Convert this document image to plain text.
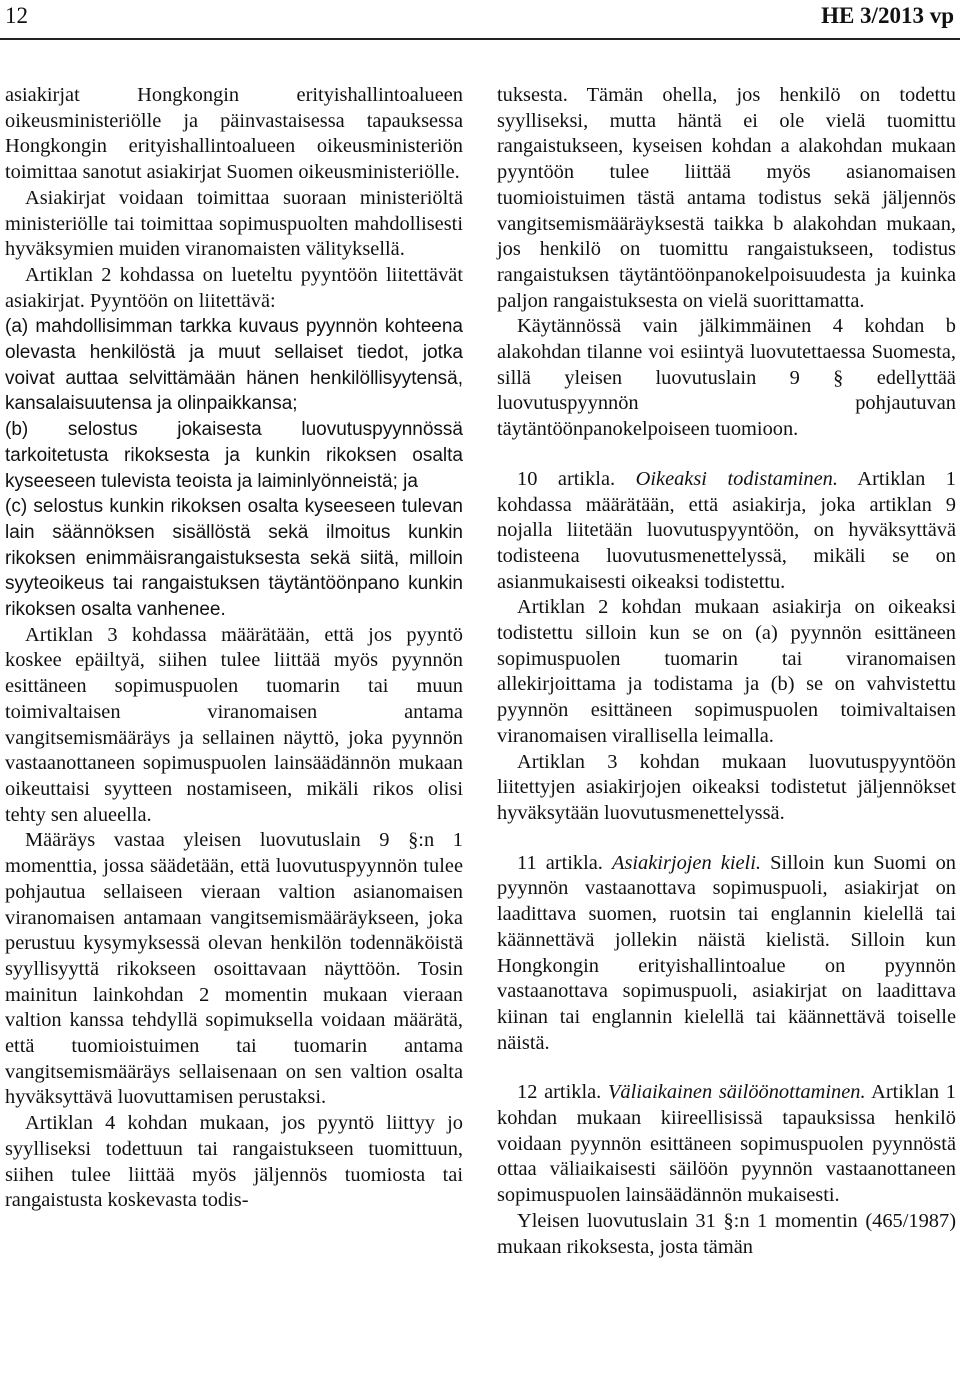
12	HE 3/2013 vp

asiakirjat Hongkongin erityishallintoalueen oikeusministeriölle ja päinvastaisessa tapauksessa Hongkongin erityishallintoalueen oikeusministeriön toimittaa sanotut asiakirjat Suomen oikeusministeriölle.

Asiakirjat voidaan toimittaa suoraan ministeriöltä ministeriölle tai toimittaa sopimuspuolten mahdollisesti hyväksymien muiden viranomaisten välityksellä.

Artiklan 2 kohdassa on lueteltu pyyntöön liitettävät asiakirjat. Pyyntöön on liitettävä:

(a) mahdollisimman tarkka kuvaus pyynnön kohteena olevasta henkilöstä ja muut sellaiset tiedot, jotka voivat auttaa selvittämään hänen henkilöllisyytensä, kansalaisuutensa ja olinpaikkansa;

(b) selostus jokaisesta luovutuspyynnössä tarkoitetusta rikoksesta ja kunkin rikoksen osalta kyseeseen tulevista teoista ja laiminlyönneistä; ja

(c) selostus kunkin rikoksen osalta kyseeseen tulevan lain säännöksen sisällöstä sekä ilmoitus kunkin rikoksen enimmäisrangaistuksesta sekä siitä, milloin syyteoikeus tai rangaistuksen täytäntöönpano kunkin rikoksen osalta vanhenee.

Artiklan 3 kohdassa määrätään, että jos pyyntö koskee epäiltyä, siihen tulee liittää myös pyynnön esittäneen sopimuspuolen tuomarin tai muun toimivaltaisen viranomaisen antama vangitsemismääräys ja sellainen näyttö, joka pyynnön vastaanottaneen sopimuspuolen lainsäädännön mukaan oikeuttaisi syytteen nostamiseen, mikäli rikos olisi tehty sen alueella.

Määräys vastaa yleisen luovutuslain 9 §:n 1 momenttia, jossa säädetään, että luovutuspyynnön tulee pohjautua sellaiseen vieraan valtion asianomaisen viranomaisen antamaan vangitsemismääräykseen, joka perustuu kysymyksessä olevan henkilön todennäköistä syyllisyyttä rikokseen osoittavaan näyttöön. Tosin mainitun lainkohdan 2 momentin mukaan vieraan valtion kanssa tehdyllä sopimuksella voidaan määrätä, että tuomioistuimen tai tuomarin antama vangitsemismääräys sellaisenaan on sen valtion osalta hyväksyttävä luovuttamisen perustaksi.

Artiklan 4 kohdan mukaan, jos pyyntö liittyy jo syylliseksi todettuun tai rangaistukseen tuomittuun, siihen tulee liittää myös jäljennös tuomiosta tai rangaistusta koskevasta todis-

tuksesta. Tämän ohella, jos henkilö on todettu syylliseksi, mutta häntä ei ole vielä tuomittu rangaistukseen, kyseisen kohdan a alakohdan mukaan pyyntöön tulee liittää myös asianomaisen tuomioistuimen tästä antama todistus sekä jäljennös vangitsemismääräyksestä taikka b alakohdan mukaan, jos henkilö on tuomittu rangaistukseen, todistus rangaistuksen täytäntöönpanokelpoisuudesta ja kuinka paljon rangaistuksesta on vielä suorittamatta.

Käytännössä vain jälkimmäinen 4 kohdan b alakohdan tilanne voi esiintyä luovutettaessa Suomesta, sillä yleisen luovutuslain 9 § edellyttää luovutuspyynnön pohjautuvan täytäntöönpanokelpoiseen tuomioon.

10 artikla. Oikeaksi todistaminen. Artiklan 1 kohdassa määrätään, että asiakirja, joka artiklan 9 nojalla liitetään luovutuspyyntöön, on hyväksyttävä todisteena luovutusmenettelyssä, mikäli se on asianmukaisesti oikeaksi todistettu.

Artiklan 2 kohdan mukaan asiakirja on oikeaksi todistettu silloin kun se on (a) pyynnön esittäneen sopimuspuolen tuomarin tai viranomaisen allekirjoittama ja todistama ja (b) se on vahvistettu pyynnön esittäneen sopimuspuolen toimivaltaisen viranomaisen virallisella leimalla.

Artiklan 3 kohdan mukaan luovutuspyyntöön liitettyjen asiakirjojen oikeaksi todistetut jäljennökset hyväksytään luovutusmenettelyssä.

11 artikla. Asiakirjojen kieli. Silloin kun Suomi on pyynnön vastaanottava sopimuspuoli, asiakirjat on laadittava suomen, ruotsin tai englannin kielellä tai käännettävä jollekin näistä kielistä. Silloin kun Hongkongin erityishallintoalue on pyynnön vastaanottava sopimuspuoli, asiakirjat on laadittava kiinan tai englannin kielellä tai käännettävä toiselle näistä.

12 artikla. Väliaikainen säilöönottaminen. Artiklan 1 kohdan mukaan kiireellisissä tapauksissa henkilö voidaan pyynnön esittäneen sopimuspuolen pyynnöstä ottaa väliaikaisesti säilöön pyynnön vastaanottaneen sopimuspuolen lainsäädännön mukaisesti.

Yleisen luovutuslain 31 §:n 1 momentin (465/1987) mukaan rikoksesta, josta tämän
